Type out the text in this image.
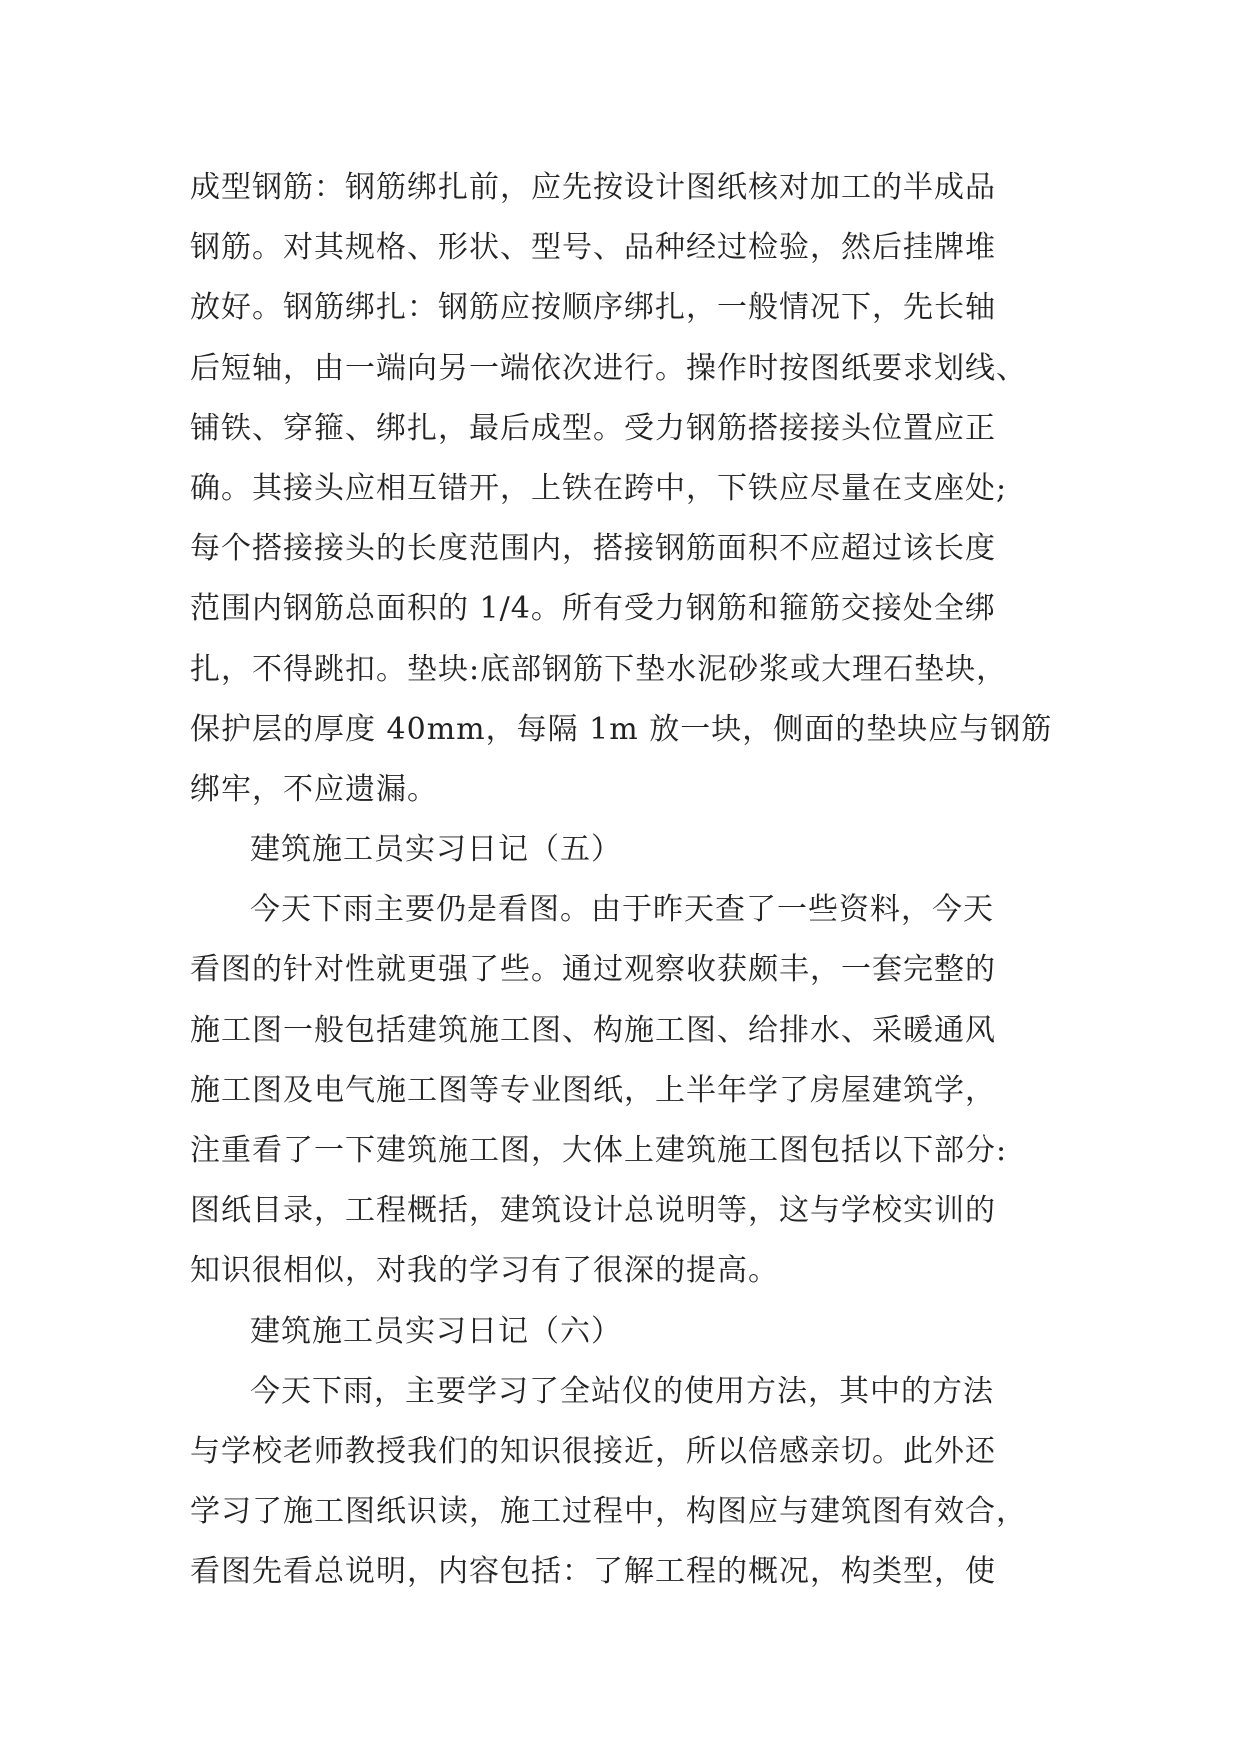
成型钢筋：钢筋绑扎前，应先按设计图纸核对加工的半成品
钢筋。对其规格、形状、型号、品种经过检验，然后挂牌堆
放好。钢筋绑扎：钢筋应按顺序绑扎，一般情况下，先长轴
后短轴，由一端向另一端依次进行。操作时按图纸要求划线、
铺铁、穿箍、绑扎，最后成型。受力钢筋搭接接头位置应正
确。其接头应相互错开，上铁在跨中，下铁应尽量在支座处;
每个搭接接头的长度范围内，搭接钢筋面积不应超过该长度
范围内钢筋总面积的 1/4。所有受力钢筋和箍筋交接处全绑
扎，不得跳扣。垫块:底部钢筋下垫水泥砂浆或大理石垫块，
保护层的厚度 40mm，每隔 1m 放一块，侧面的垫块应与钢筋
绑牢，不应遗漏。
建筑施工员实习日记（五）
今天下雨主要仍是看图。由于昨天查了一些资料，今天
看图的针对性就更强了些。通过观察收获颇丰，一套完整的
施工图一般包括建筑施工图、构施工图、给排水、采暖通风
施工图及电气施工图等专业图纸，上半年学了房屋建筑学，
注重看了一下建筑施工图，大体上建筑施工图包括以下部分:
图纸目录，工程概括，建筑设计总说明等，这与学校实训的
知识很相似，对我的学习有了很深的提高。
建筑施工员实习日记（六）
今天下雨，主要学习了全站仪的使用方法，其中的方法
与学校老师教授我们的知识很接近，所以倍感亲切。此外还
学习了施工图纸识读，施工过程中，构图应与建筑图有效合，
看图先看总说明，内容包括：了解工程的概况，构类型，使
